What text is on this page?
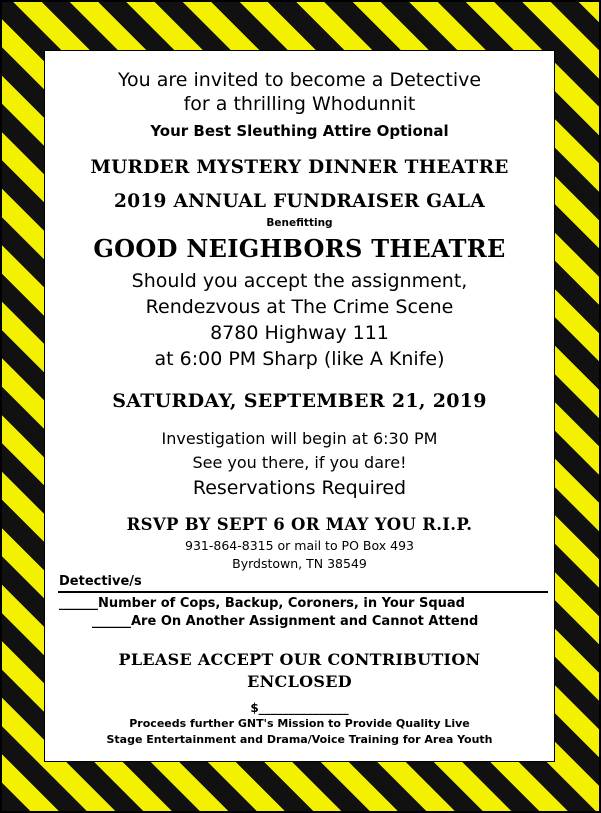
You are invited to become a Detective
for a thrilling Whodunnit
Your Best Sleuthing Attire Optional
MURDER MYSTERY DINNER THEATRE
2019 ANNUAL FUNDRAISER GALA
Benefitting
GOOD NEIGHBORS THEATRE
Should you accept the assignment,
Rendezvous at The Crime Scene
8780 Highway 111
at 6:00 PM Sharp (like A Knife)
SATURDAY, SEPTEMBER 21, 2019
Investigation will begin at 6:30 PM
See you there, if you dare!
Reservations Required
RSVP BY SEPT 6 OR MAY YOU R.I.P.
931-864-8315 or mail to PO Box 493
Byrdstown, TN 38549
Detective/s
______Number of Cops, Backup, Coroners, in Your Squad
______Are On Another Assignment and Cannot Attend
PLEASE ACCEPT OUR CONTRIBUTION
ENCLOSED
$_______________
Proceeds further GNT's Mission to Provide Quality Live
Stage Entertainment and Drama/Voice Training for Area Youth
